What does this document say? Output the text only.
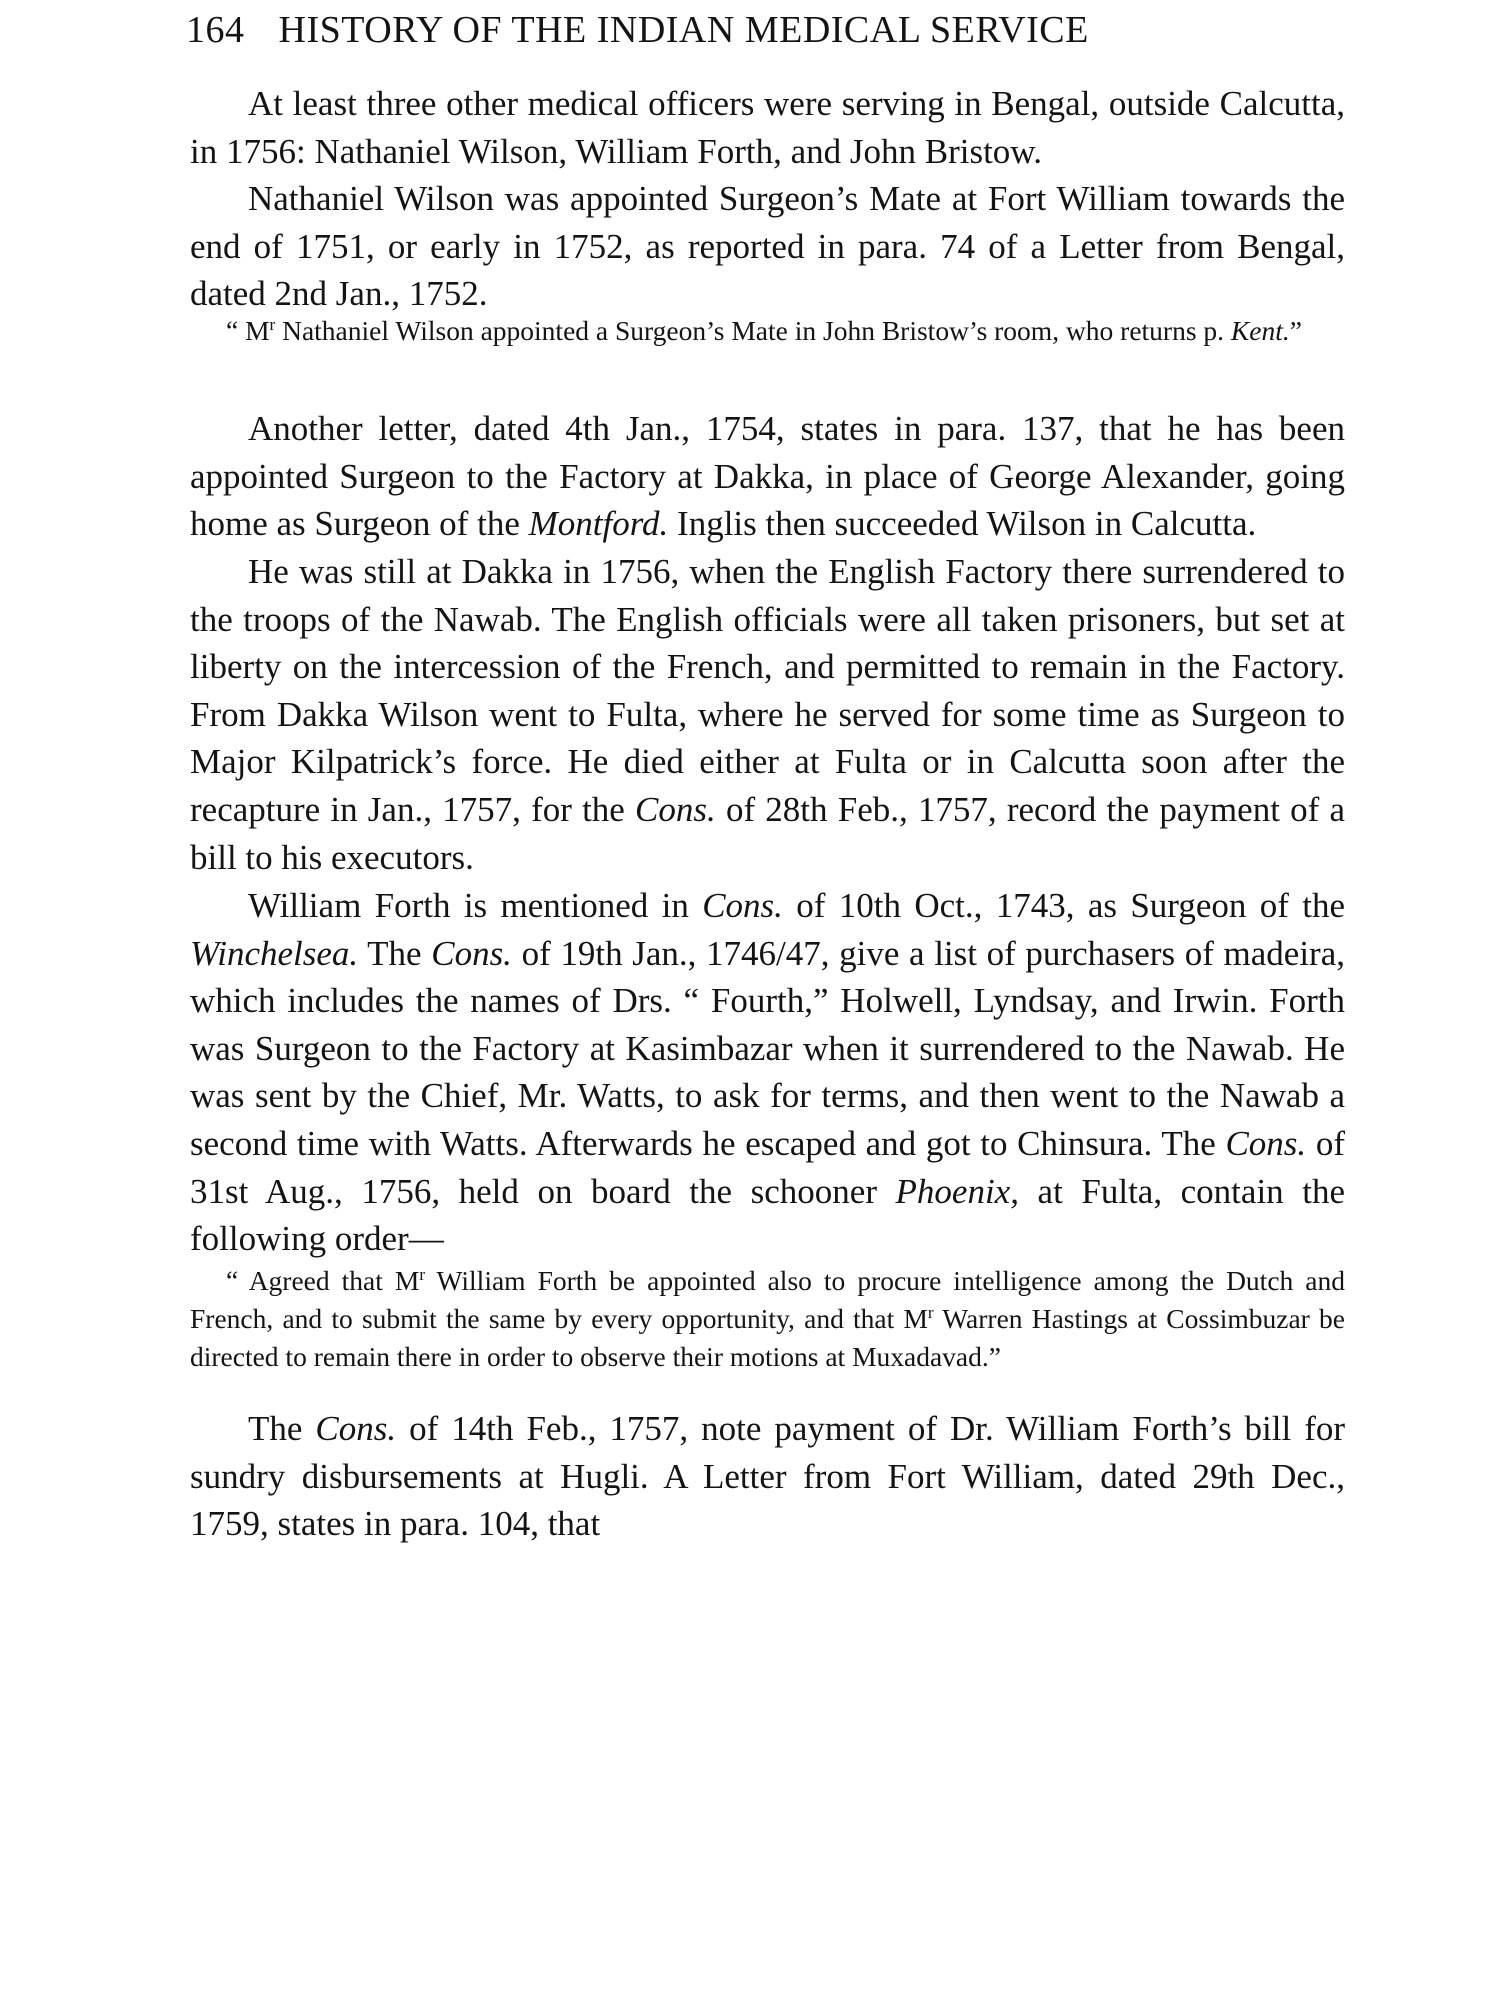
164 HISTORY OF THE INDIAN MEDICAL SERVICE

At least three other medical officers were serving in Bengal, outside Calcutta, in 1756: Nathaniel Wilson, William Forth, and John Bristow.

Nathaniel Wilson was appointed Surgeon’s Mate at Fort William towards the end of 1751, or early in 1752, as reported in para. 74 of a Letter from Bengal, dated 2nd Jan., 1752.

“ $M^r$ Nathaniel Wilson appointed a Surgeon’s Mate in John Bristow’s room, who returns p. Kent.”

Another letter, dated 4th Jan., 1754, states in para. 137, that he has been appointed Surgeon to the Factory at Dakka, in place of George Alexander, going home as Surgeon of the Montford. Inglis then succeeded Wilson in Calcutta.

He was still at Dakka in 1756, when the English Factory there surrendered to the troops of the Nawab. The English officials were all taken prisoners, but set at liberty on the intercession of the French, and permitted to remain in the Factory. From Dakka Wilson went to Fulta, where he served for some time as Surgeon to Major Kilpatrick’s force. He died either at Fulta or in Calcutta soon after the recapture in Jan., 1757, for the Cons. of 28th Feb., 1757, record the payment of a bill to his executors.

William Forth is mentioned in Cons. of 10th Oct., 1743, as Surgeon of the Winchelsea. The Cons. of 19th Jan., 1746/47, give a list of purchasers of madeira, which includes the names of Drs. “ Fourth,” Holwell, Lyndsay, and Irwin. Forth was Surgeon to the Factory at Kasimbazar when it surrendered to the Nawab. He was sent by the Chief, Mr. Watts, to ask for terms, and then went to the Nawab a second time with Watts. Afterwards he escaped and got to Chinsura. The Cons. of 31st Aug., 1756, held on board the schooner Phoenix, at Fulta, contain the following order—

“ Agreed that $M^r$ William Forth be appointed also to procure intelligence among the Dutch and French, and to submit the same by every opportunity, and that $M^r$ Warren Hastings at Cossimbuzar be directed to remain there in order to observe their motions at Muxadavad.”

The Cons. of 14th Feb., 1757, note payment of Dr. William Forth’s bill for sundry disbursements at Hugli. A Letter from Fort William, dated 29th Dec., 1759, states in para. 104, that
